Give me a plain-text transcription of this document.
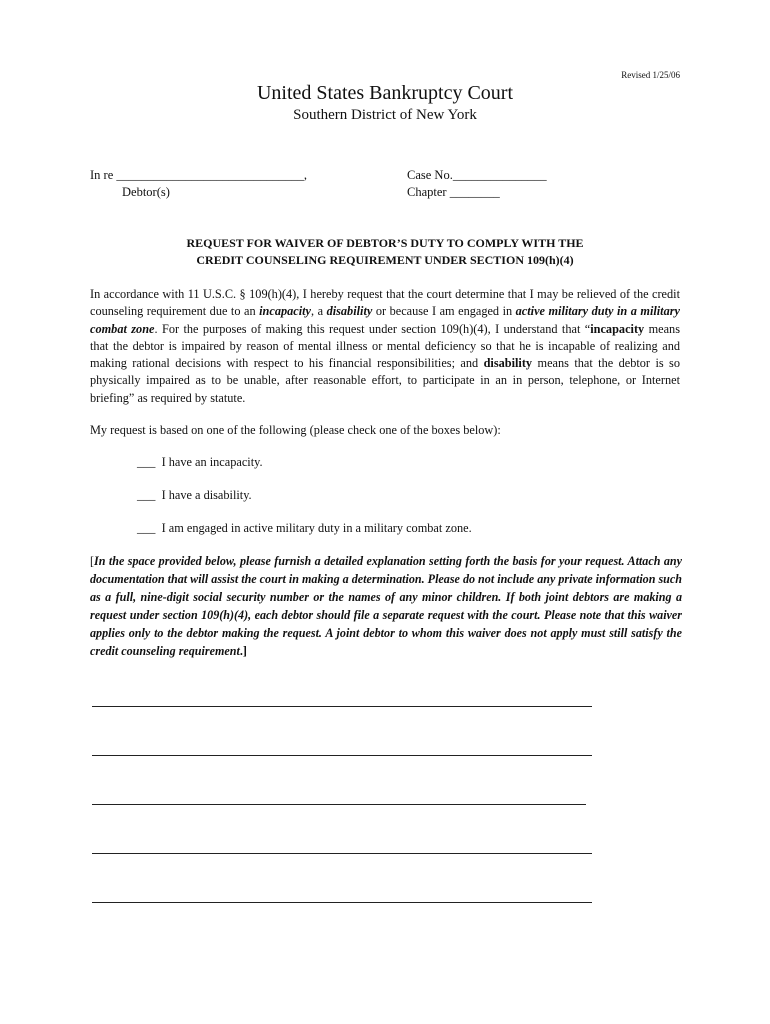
Revised 1/25/06
United States Bankruptcy Court
Southern District of New York
In re ______________________________,
Debtor(s)
Case No._______________
Chapter ________
REQUEST FOR WAIVER OF DEBTOR’S DUTY TO COMPLY WITH THE
CREDIT COUNSELING REQUIREMENT UNDER SECTION 109(h)(4)

In accordance with 11 U.S.C. § 109(h)(4), I hereby request that the court determine that I may be relieved of the credit counseling requirement due to an incapacity, a disability or because I am engaged in active military duty in a military combat zone. For the purposes of making this request under section 109(h)(4), I understand that “incapacity means that the debtor is impaired by reason of mental illness or mental deficiency so that he is incapable of realizing and making rational decisions with respect to his financial responsibilities; and disability means that the debtor is so physically impaired as to be unable, after reasonable effort, to participate in an in person, telephone, or Internet briefing” as required by statute.

My request is based on one of the following (please check one of the boxes below):
___  I have an incapacity.
___  I have a disability.
___  I am engaged in active military duty in a military combat zone.
[In the space provided below, please furnish a detailed explanation setting forth the basis for your request. Attach any documentation that will assist the court in making a determination. Please do not include any private information such as a full, nine-digit social security number or the names of any minor children. If both joint debtors are making a request under section 109(h)(4), each debtor should file a separate request with the court. Please note that this waiver applies only to the debtor making the request. A joint debtor to whom this waiver does not apply must still satisfy the credit counseling requirement.]
